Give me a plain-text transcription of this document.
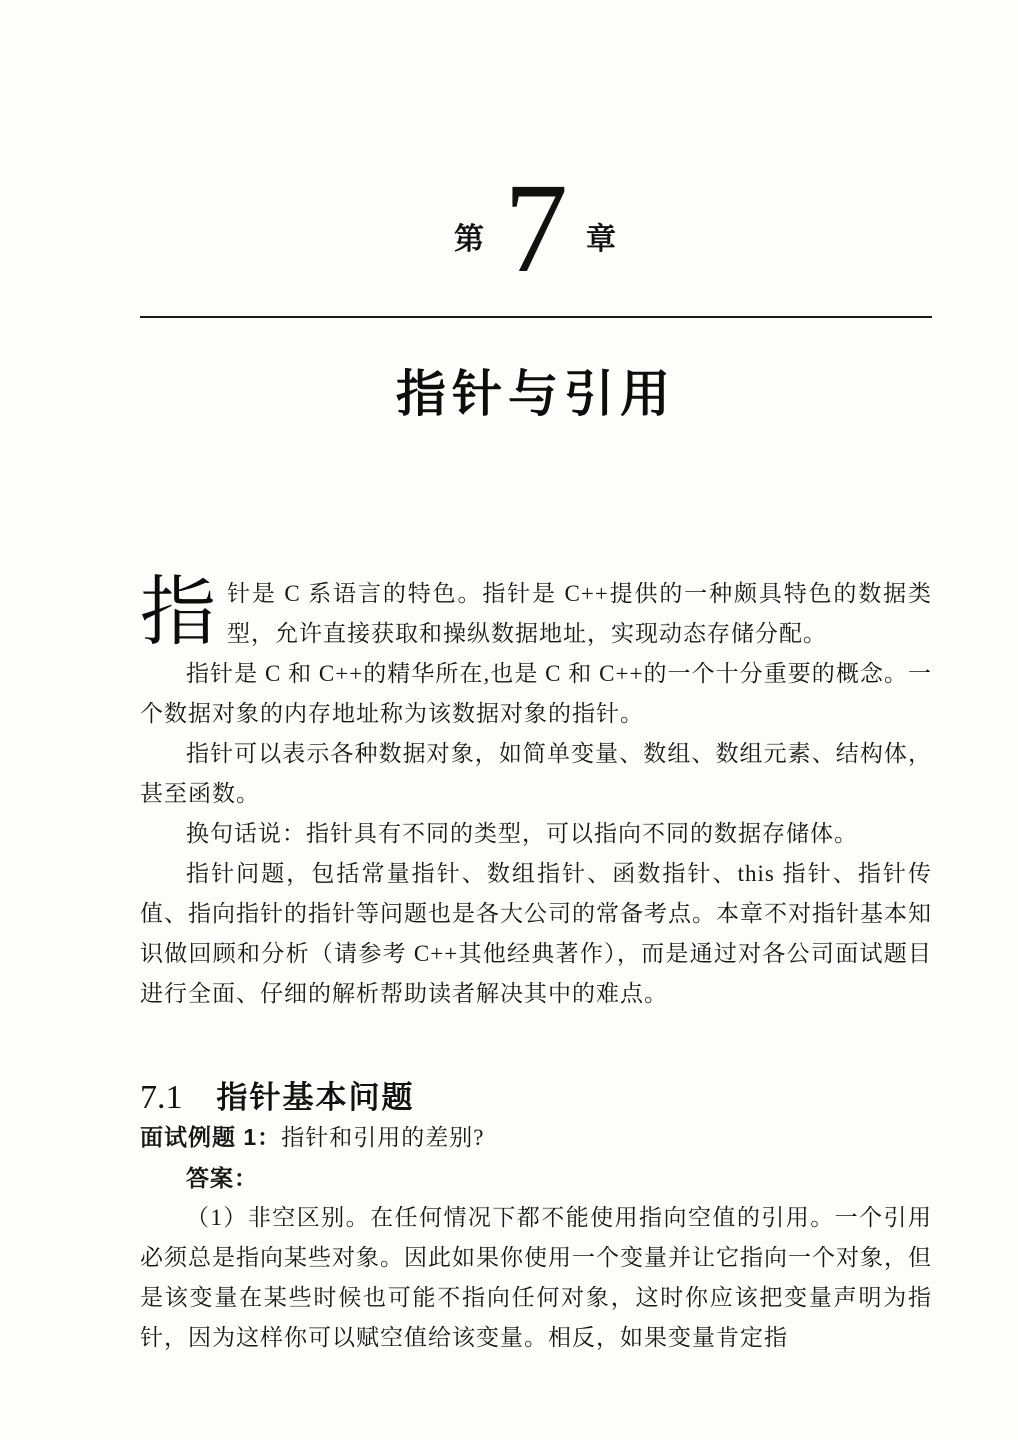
第 7 章
指针与引用

指针是 C 系语言的特色。指针是 C++提供的一种颇具特色的数据类型，允许直接获取和操纵数据地址，实现动态存储分配。

指针是 C 和 C++的精华所在,也是 C 和 C++的一个十分重要的概念。一个数据对象的内存地址称为该数据对象的指针。

指针可以表示各种数据对象，如简单变量、数组、数组元素、结构体，甚至函数。

换句话说：指针具有不同的类型，可以指向不同的数据存储体。

指针问题，包括常量指针、数组指针、函数指针、this 指针、指针传值、指向指针的指针等问题也是各大公司的常备考点。本章不对指针基本知识做回顾和分析（请参考 C++其他经典著作），而是通过对各公司面试题目进行全面、仔细的解析帮助读者解决其中的难点。

7.1 指针基本问题

面试例题 1：指针和引用的差别?

答案：

（1）非空区别。在任何情况下都不能使用指向空值的引用。一个引用必须总是指向某些对象。因此如果你使用一个变量并让它指向一个对象，但是该变量在某些时候也可能不指向任何对象，这时你应该把变量声明为指针，因为这样你可以赋空值给该变量。相反，如果变量肯定指
